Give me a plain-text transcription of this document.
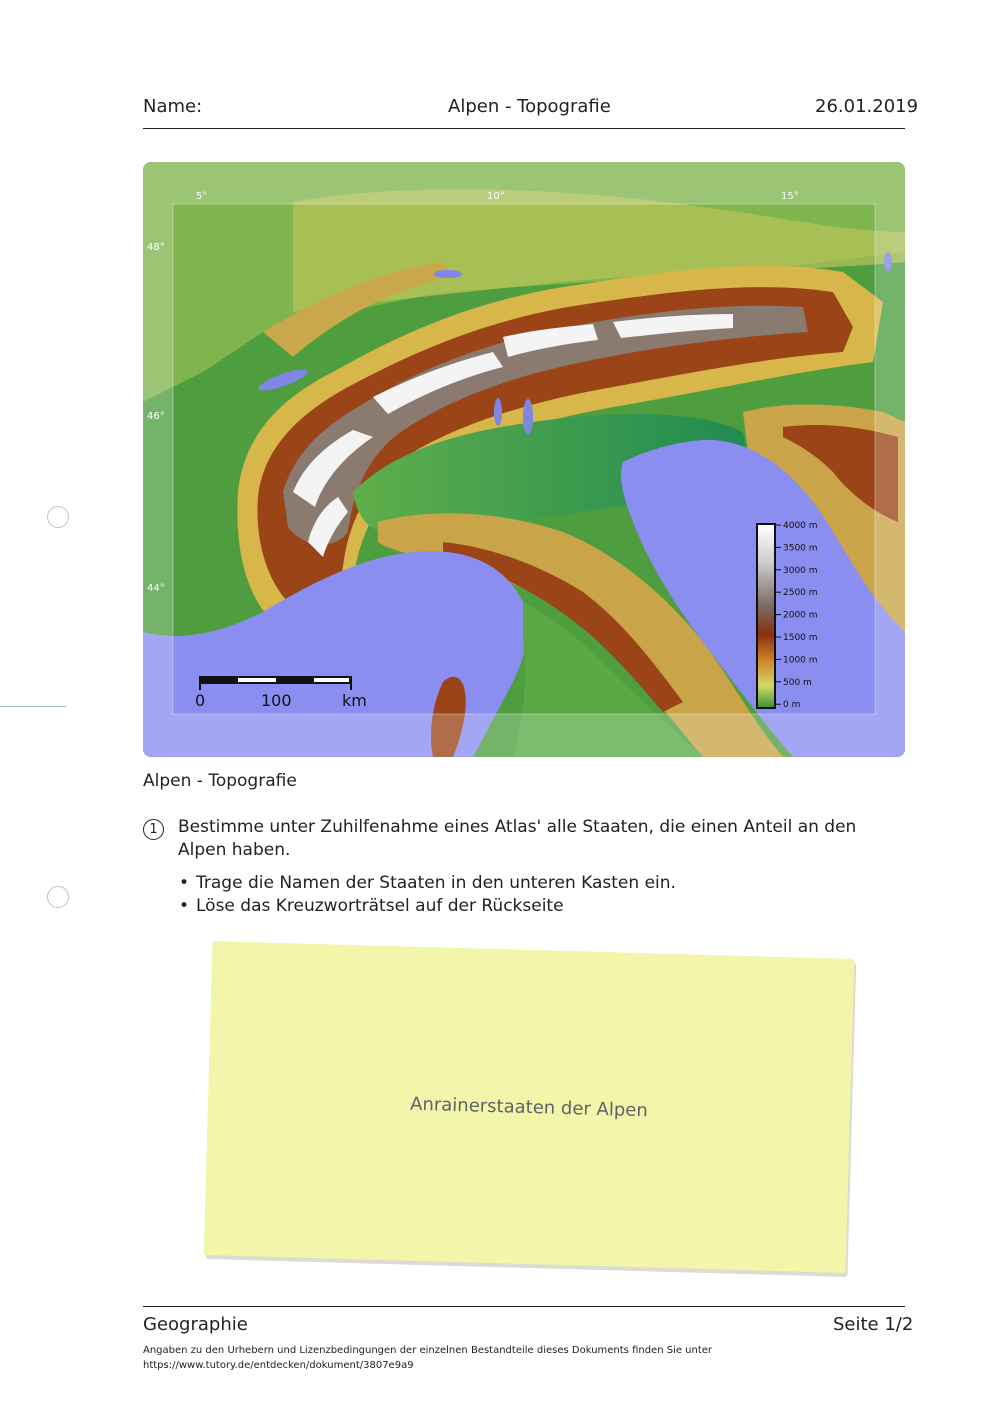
Name:	Alpen - Topografie	26.01.2019
5°	10°	15°
48°
46°
44°
0	100	km
4000 m
3500 m
3000 m
2500 m
2000 m
1500 m
1000 m
500 m
0 m
Alpen - Topografie
1	Bestimme unter Zuhilfenahme eines Atlas' alle Staaten, die einen Anteil an den Alpen haben.
• Trage die Namen der Staaten in den unteren Kasten ein.
• Löse das Kreuzworträtsel auf der Rückseite
Anrainerstaaten der Alpen
Geographie	Seite 1/2
Angaben zu den Urhebern und Lizenzbedingungen der einzelnen Bestandteile dieses Dokuments finden Sie unter
https://www.tutory.de/entdecken/dokument/3807e9a9
